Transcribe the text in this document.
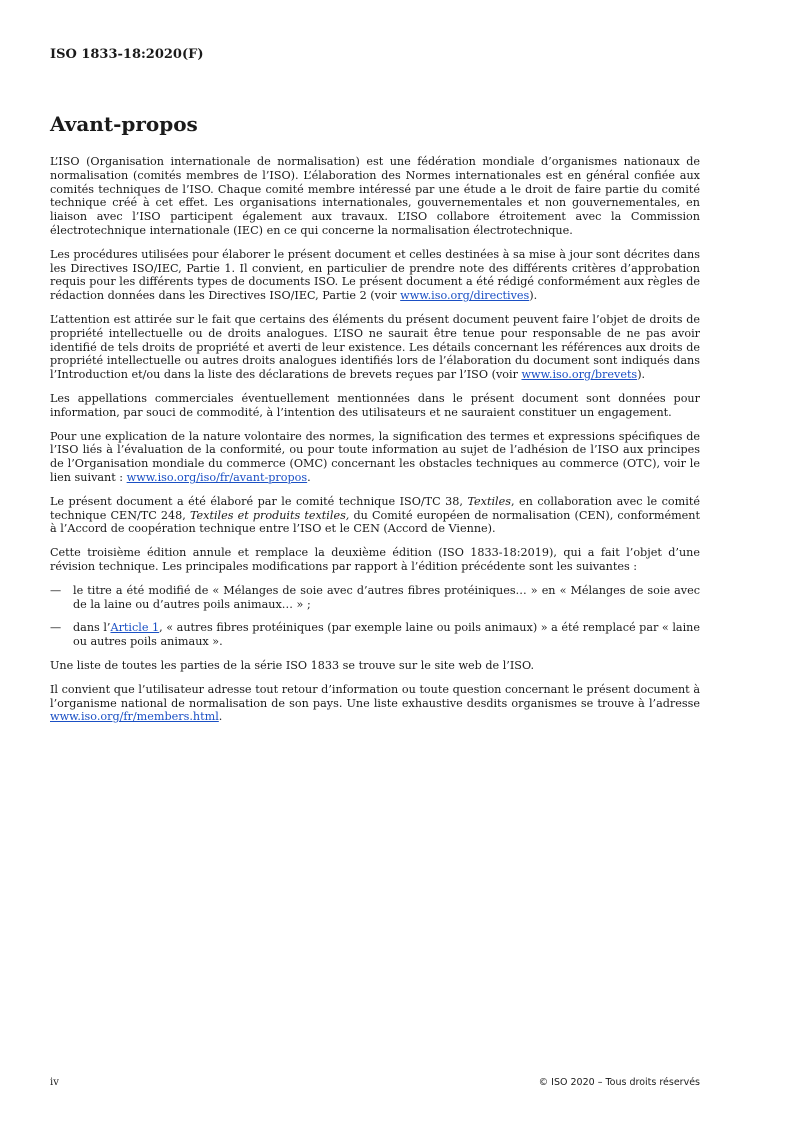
ISO 1833-18:2020(F)
Avant-propos

L’ISO (Organisation internationale de normalisation) est une fédération mondiale d’organismes nationaux de normalisation (comités membres de l’ISO). L’élaboration des Normes internationales est en général confiée aux comités techniques de l’ISO. Chaque comité membre intéressé par une étude a le droit de faire partie du comité technique créé à cet effet. Les organisations internationales, gouvernementales et non gouvernementales, en liaison avec l’ISO participent également aux travaux. L’ISO collabore étroitement avec la Commission électrotechnique internationale (IEC) en ce qui concerne la normalisation électrotechnique.

Les procédures utilisées pour élaborer le présent document et celles destinées à sa mise à jour sont décrites dans les Directives ISO/IEC, Partie 1. Il convient, en particulier de prendre note des différents critères d’approbation requis pour les différents types de documents ISO. Le présent document a été rédigé conformément aux règles de rédaction données dans les Directives ISO/IEC, Partie 2 (voir www.iso.org/directives).

L’attention est attirée sur le fait que certains des éléments du présent document peuvent faire l’objet de droits de propriété intellectuelle ou de droits analogues. L’ISO ne saurait être tenue pour responsable de ne pas avoir identifié de tels droits de propriété et averti de leur existence. Les détails concernant les références aux droits de propriété intellectuelle ou autres droits analogues identifiés lors de l’élaboration du document sont indiqués dans l’Introduction et/ou dans la liste des déclarations de brevets reçues par l’ISO (voir www.iso.org/brevets).

Les appellations commerciales éventuellement mentionnées dans le présent document sont données pour information, par souci de commodité, à l’intention des utilisateurs et ne sauraient constituer un engagement.

Pour une explication de la nature volontaire des normes, la signification des termes et expressions spécifiques de l’ISO liés à l’évaluation de la conformité, ou pour toute information au sujet de l’adhésion de l’ISO aux principes de l’Organisation mondiale du commerce (OMC) concernant les obstacles techniques au commerce (OTC), voir le lien suivant : www.iso.org/iso/fr/avant-propos.

Le présent document a été élaboré par le comité technique ISO/TC 38, Textiles, en collaboration avec le comité technique CEN/TC 248, Textiles et produits textiles, du Comité européen de normalisation (CEN), conformément à l’Accord de coopération technique entre l’ISO et le CEN (Accord de Vienne).

Cette troisième édition annule et remplace la deuxième édition (ISO 1833-18:2019), qui a fait l’objet d’une révision technique. Les principales modifications par rapport à l’édition précédente sont les suivantes :

—	le titre a été modifié de « Mélanges de soie avec d’autres fibres protéiniques… » en « Mélanges de soie avec de la laine ou d’autres poils animaux… » ;
—	dans l’Article 1, « autres fibres protéiniques (par exemple laine ou poils animaux) » a été remplacé par « laine ou autres poils animaux ».

Une liste de toutes les parties de la série ISO 1833 se trouve sur le site web de l’ISO.

Il convient que l’utilisateur adresse tout retour d’information ou toute question concernant le présent document à l’organisme national de normalisation de son pays. Une liste exhaustive desdits organismes se trouve à l’adresse www.iso.org/fr/members.html.

iv	© ISO 2020 – Tous droits réservés
